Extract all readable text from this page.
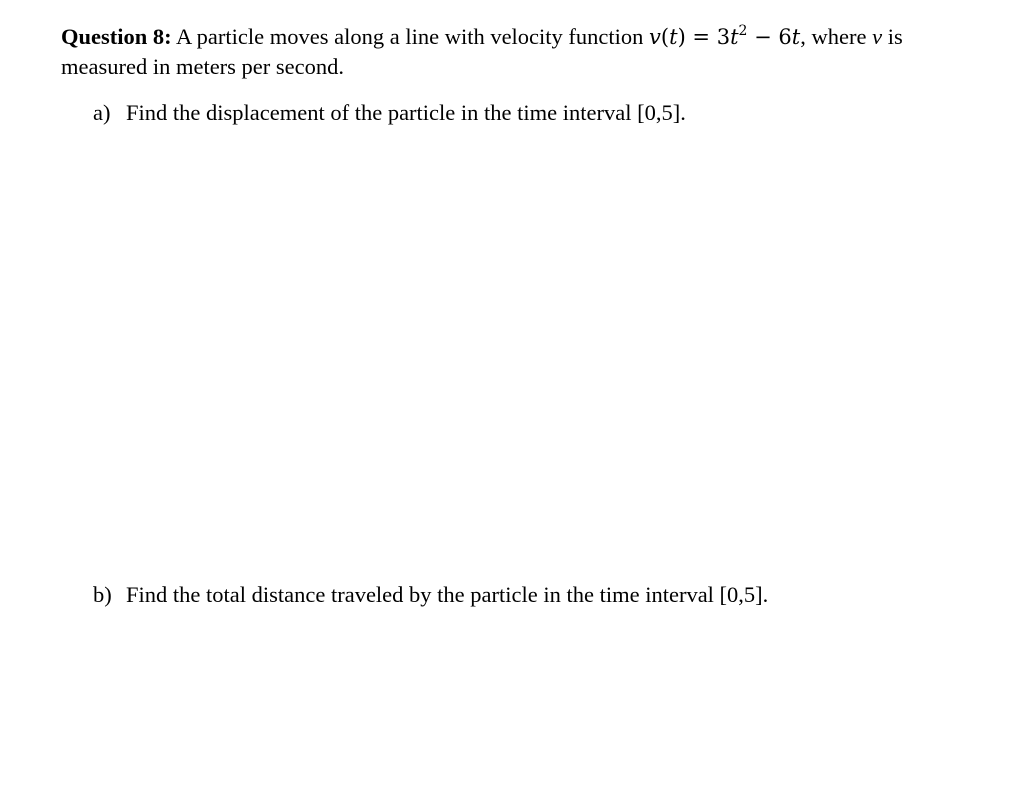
Question 8: A particle moves along a line with velocity function $v(t) = 3t^2 - 6t$, where v is measured in meters per second.
a) Find the displacement of the particle in the time interval [0,5].
b) Find the total distance traveled by the particle in the time interval [0,5].
